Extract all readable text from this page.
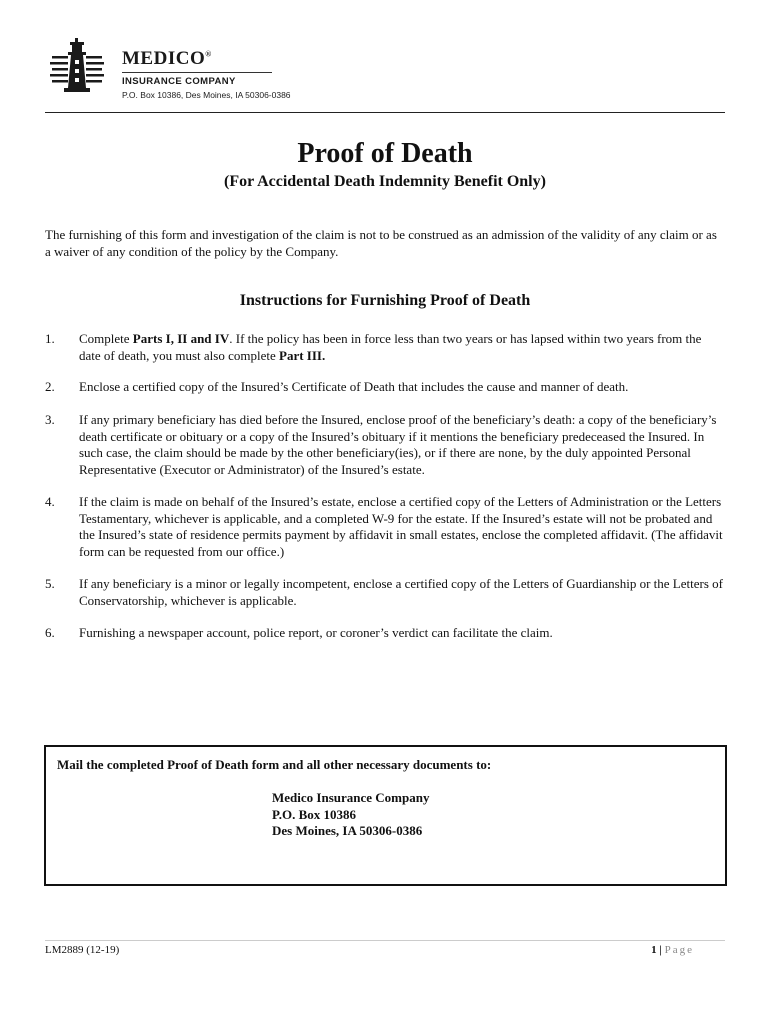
MEDICO®
INSURANCE COMPANY
P.O. Box 10386, Des Moines, IA 50306-0386
Proof of Death
(For Accidental Death Indemnity Benefit Only)
The furnishing of this form and investigation of the claim is not to be construed as an admission of the validity of any claim or as a waiver of any condition of the policy by the Company.
Instructions for Furnishing Proof of Death
1.	Complete Parts I, II and IV. If the policy has been in force less than two years or has lapsed within two years from the date of death, you must also complete Part III.
2.	Enclose a certified copy of the Insured’s Certificate of Death that includes the cause and manner of death.
3.	If any primary beneficiary has died before the Insured, enclose proof of the beneficiary’s death: a copy of the beneficiary’s death certificate or obituary or a copy of the Insured’s obituary if it mentions the beneficiary predeceased the Insured. In such case, the claim should be made by the other beneficiary(ies), or if there are none, by the duly appointed Personal Representative (Executor or Administrator) of the Insured’s estate.
4.	If the claim is made on behalf of the Insured’s estate, enclose a certified copy of the Letters of Administration or the Letters Testamentary, whichever is applicable, and a completed W-9 for the estate. If the Insured’s estate will not be probated and the Insured’s state of residence permits payment by affidavit in small estates, enclose the completed affidavit. (The affidavit form can be requested from our office.)
5.	If any beneficiary is a minor or legally incompetent, enclose a certified copy of the Letters of Guardianship or the Letters of Conservatorship, whichever is applicable.
6.	Furnishing a newspaper account, police report, or coroner’s verdict can facilitate the claim.
Mail the completed Proof of Death form and all other necessary documents to:
Medico Insurance Company
P.O. Box 10386
Des Moines, IA 50306-0386
LM2889 (12-19)	1 | Page
